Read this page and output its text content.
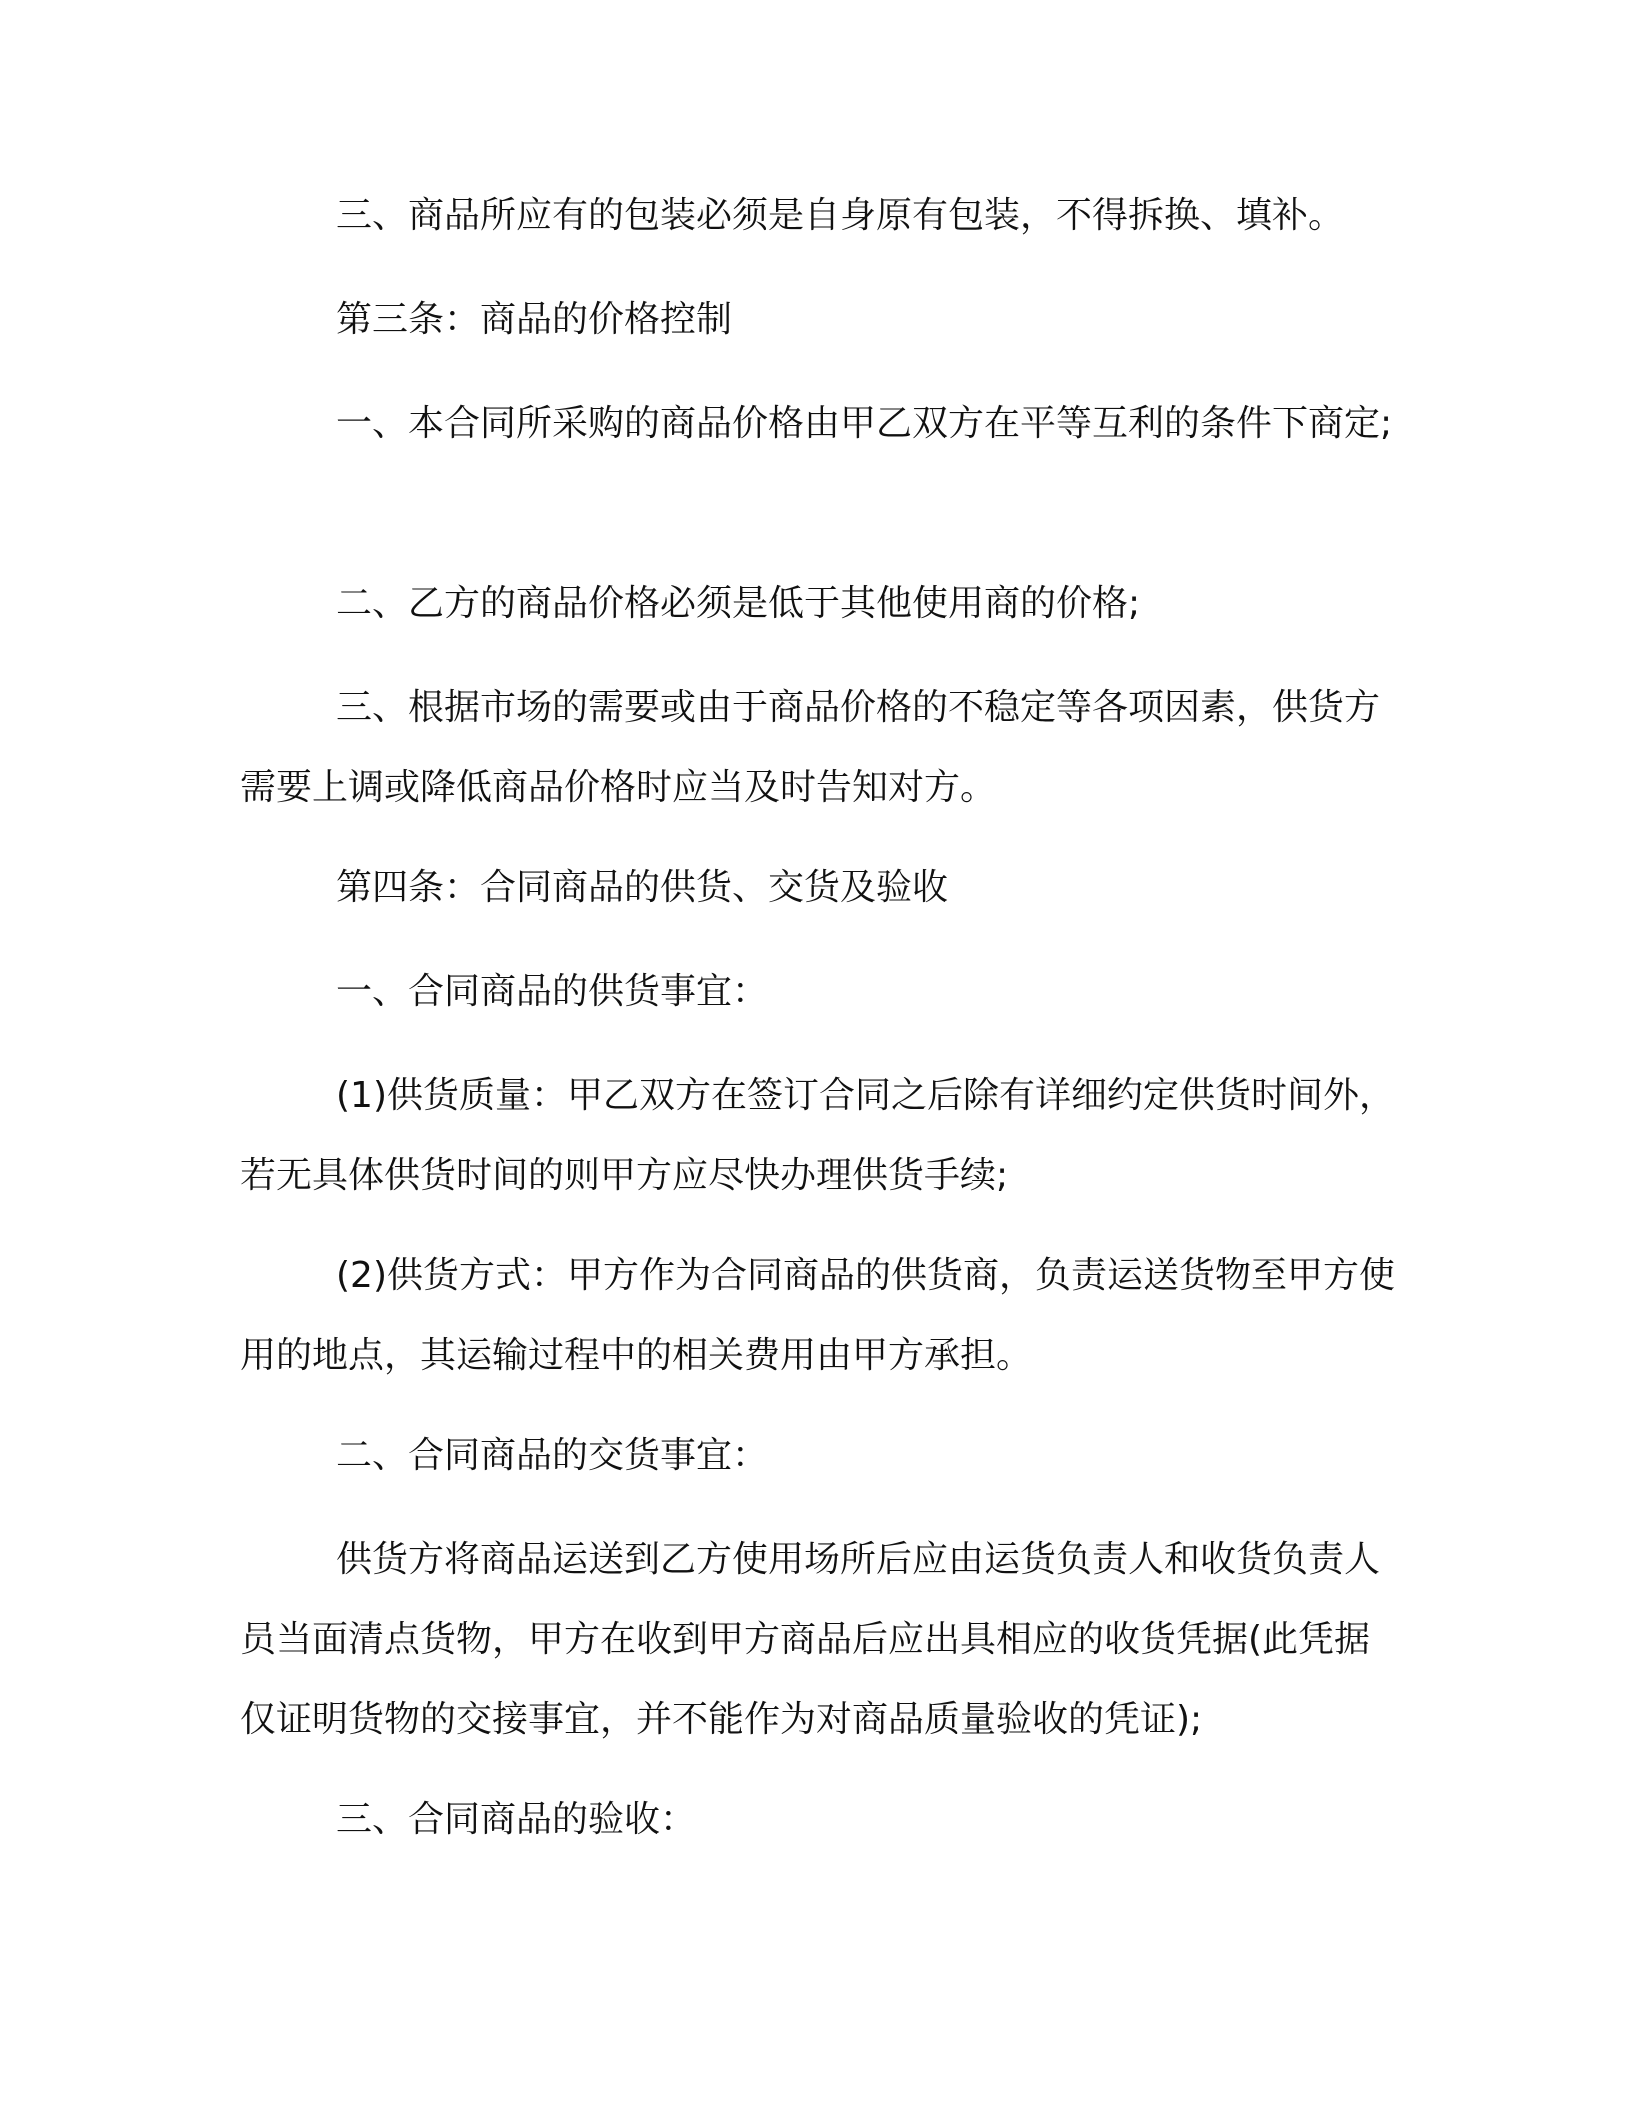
三、商品所应有的包装必须是自身原有包装，不得拆换、填补。

第三条：商品的价格控制

一、本合同所采购的商品价格由甲乙双方在平等互利的条件下商定;

二、乙方的商品价格必须是低于其他使用商的价格;

三、根据市场的需要或由于商品价格的不稳定等各项因素，供货方需要上调或降低商品价格时应当及时告知对方。

第四条：合同商品的供货、交货及验收

一、合同商品的供货事宜：

(1)供货质量：甲乙双方在签订合同之后除有详细约定供货时间外，若无具体供货时间的则甲方应尽快办理供货手续;

(2)供货方式：甲方作为合同商品的供货商，负责运送货物至甲方使用的地点，其运输过程中的相关费用由甲方承担。

二、合同商品的交货事宜：

供货方将商品运送到乙方使用场所后应由运货负责人和收货负责人员当面清点货物，甲方在收到甲方商品后应出具相应的收货凭据(此凭据仅证明货物的交接事宜，并不能作为对商品质量验收的凭证);

三、合同商品的验收：
